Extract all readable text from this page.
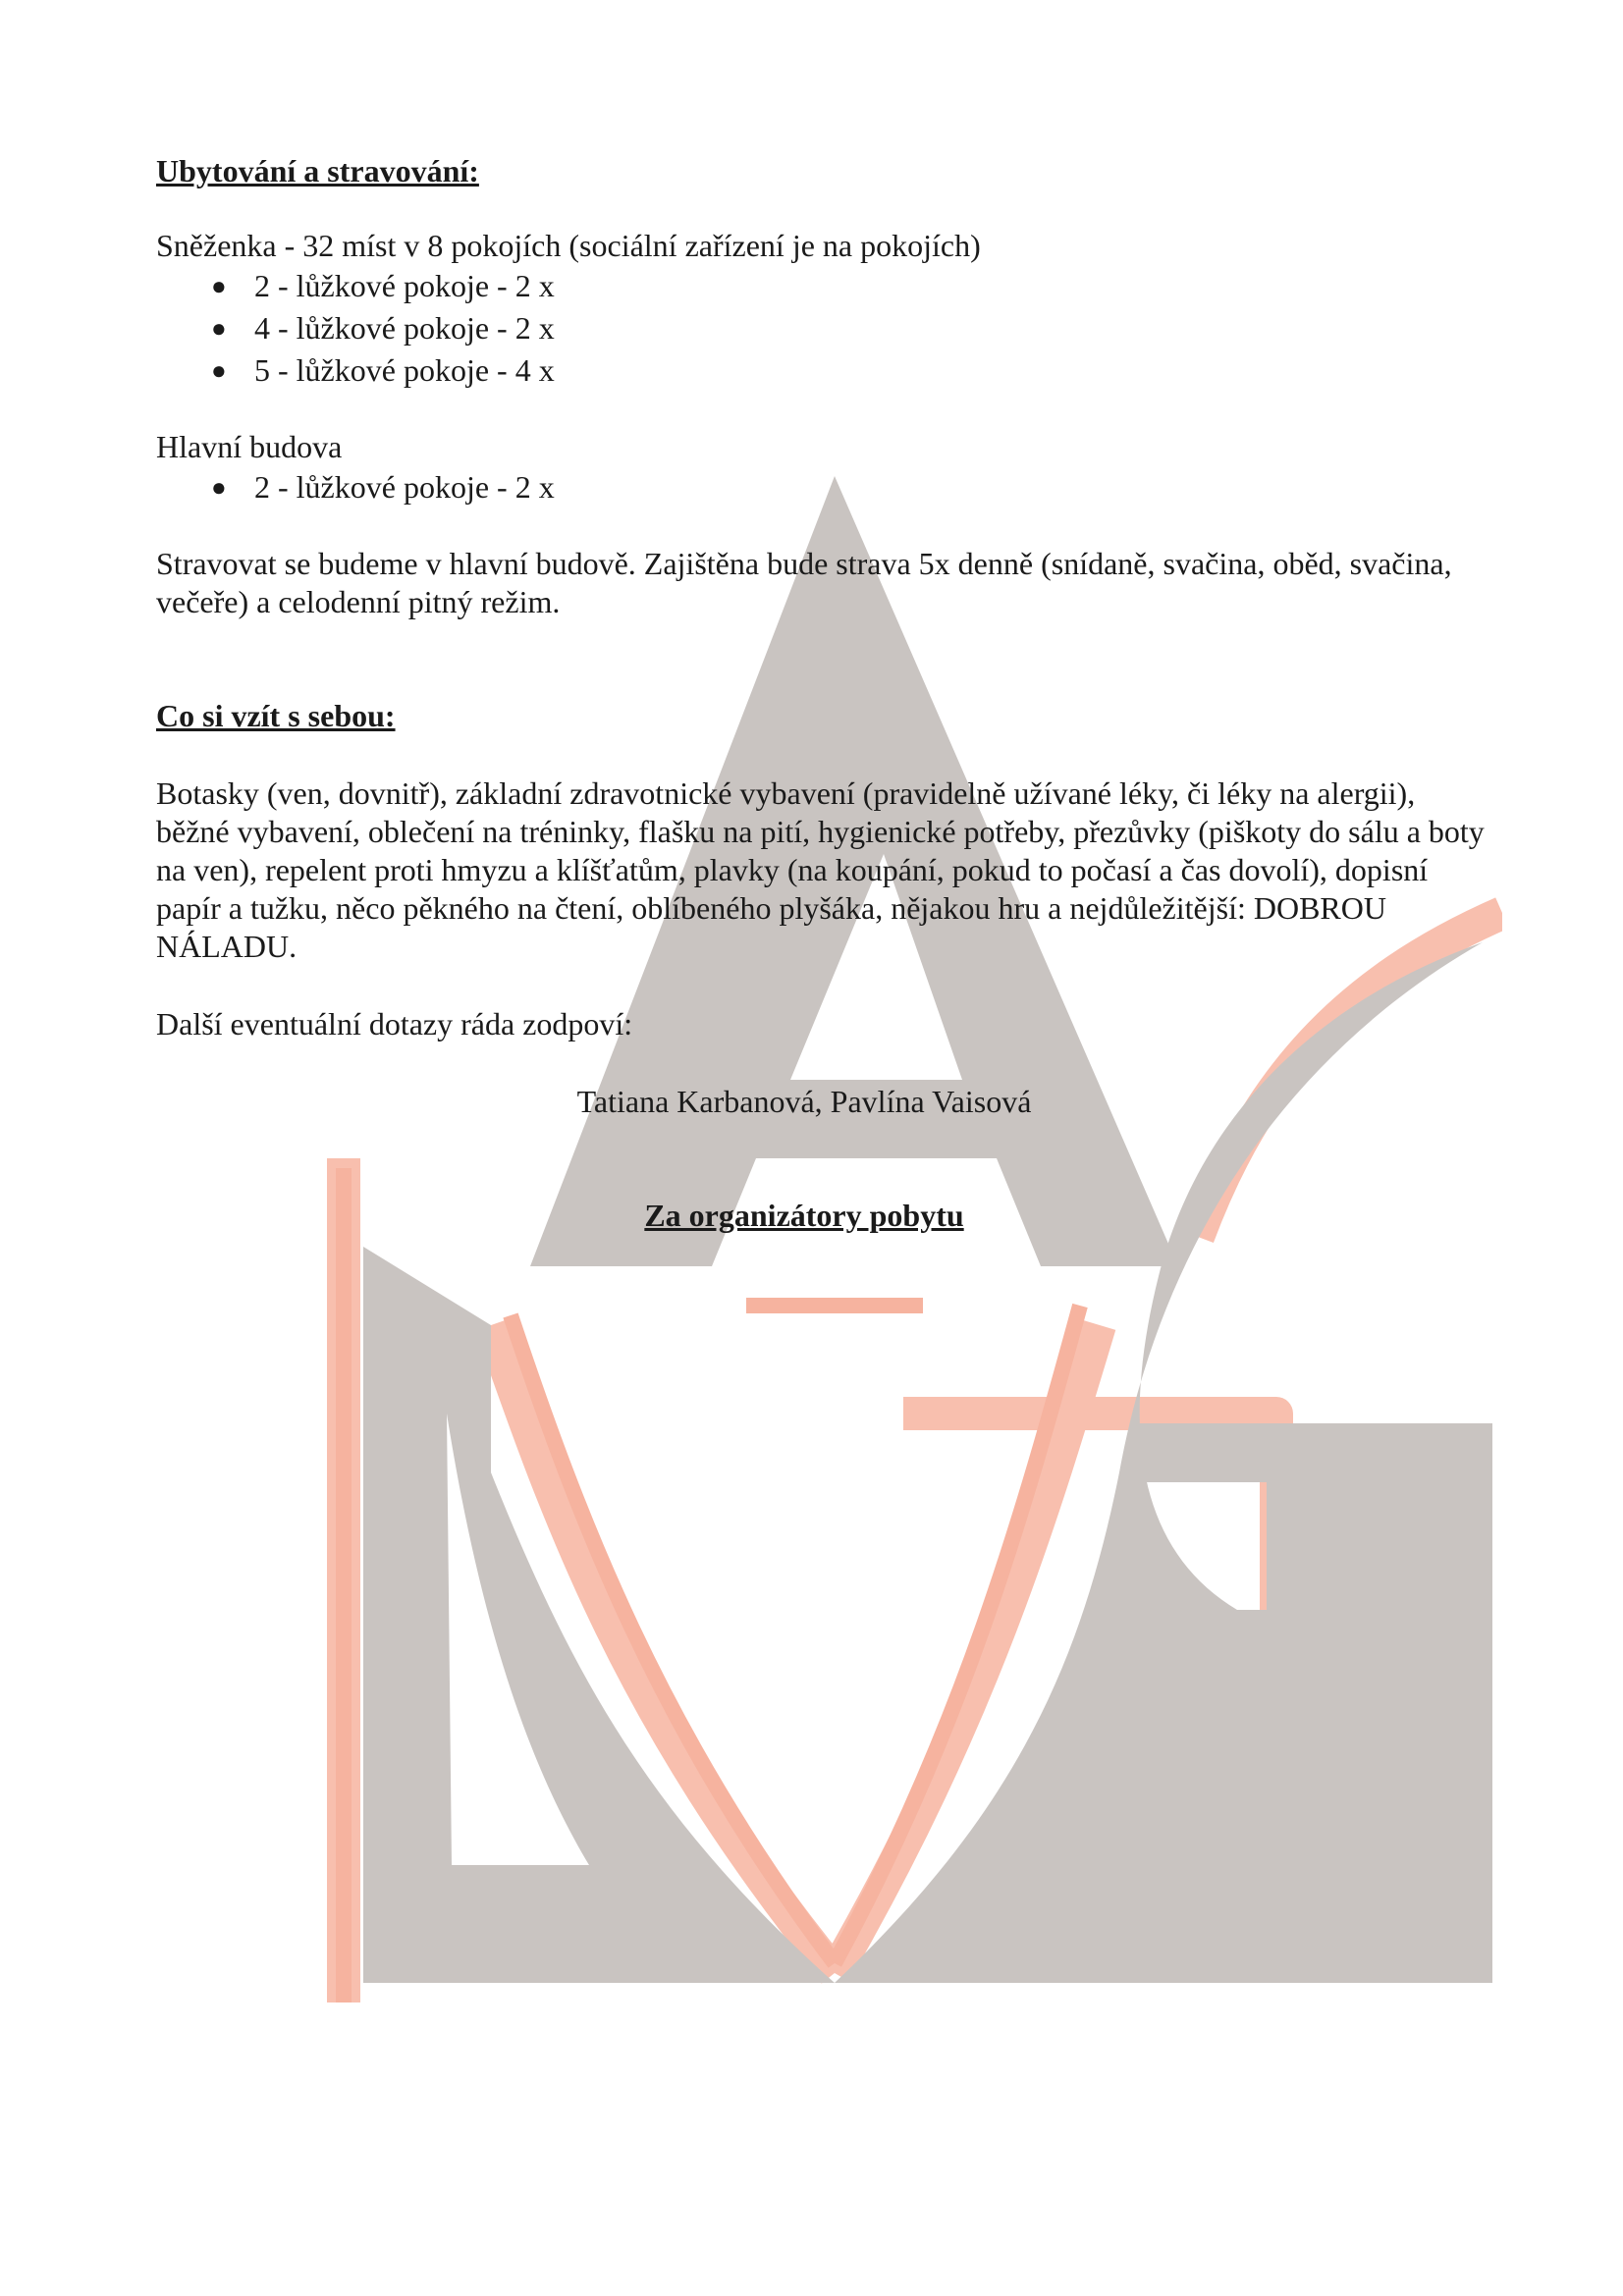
Ubytování a stravování:

Sněženka - 32 míst v 8 pokojích (sociální zařízení je na pokojích)

● 2 - lůžkové pokoje - 2 x
● 4 - lůžkové pokoje - 2 x
● 5 - lůžkové pokoje - 4 x

Hlavní budova

● 2 - lůžkové pokoje - 2 x

Stravovat se budeme v hlavní budově. Zajištěna bude strava 5x denně (snídaně, svačina, oběd, svačina, večeře) a celodenní pitný režim.

Co si vzít s sebou:

Botasky (ven, dovnitř), základní zdravotnické vybavení (pravidelně užívané léky, či léky na alergii), běžné vybavení, oblečení na tréninky, flašku na pití, hygienické potřeby, přezůvky (piškoty do sálu a boty na ven), repelent proti hmyzu a klíšťatům, plavky (na koupání, pokud to počasí a čas dovolí), dopisní papír a tužku, něco pěkného na čtení, oblíbeného plyšáka, nějakou hru a nejdůležitější: DOBROU NÁLADU.

Další eventuální dotazy ráda zodpoví:

Tatiana Karbanová, Pavlína Vaisová

Za organizátory pobytu
